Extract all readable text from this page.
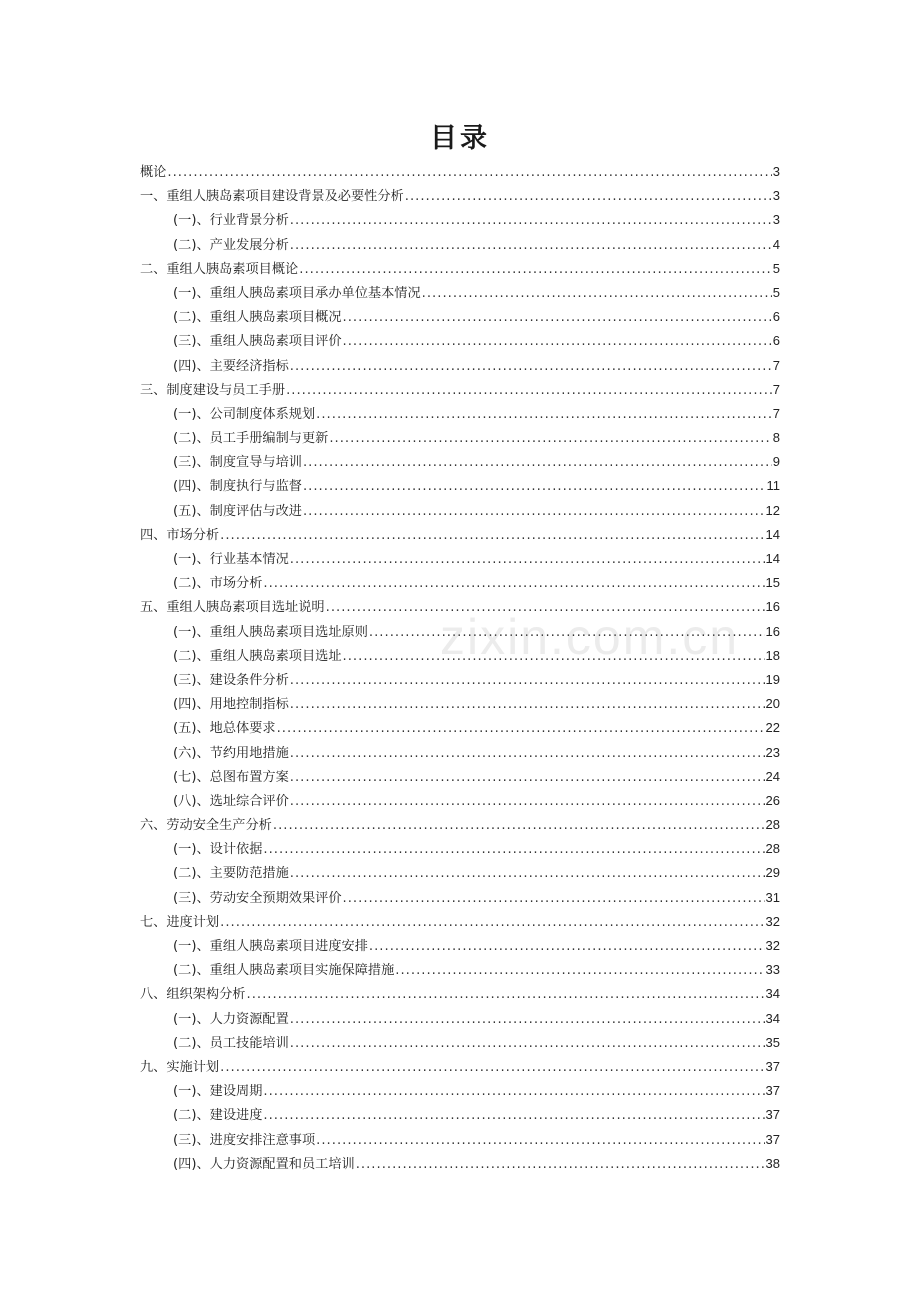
目录
概论 .....	3
一、重组人胰岛素项目建设背景及必要性分析 .....	3
(一)、行业背景分析 .....	3
(二)、产业发展分析 .....	4
二、重组人胰岛素项目概论 .....	5
(一)、重组人胰岛素项目承办单位基本情况 .....	5
(二)、重组人胰岛素项目概况 .....	6
(三)、重组人胰岛素项目评价 .....	6
(四)、主要经济指标 .....	7
三、制度建设与员工手册 .....	7
(一)、公司制度体系规划 .....	7
(二)、员工手册编制与更新 .....	8
(三)、制度宣导与培训 .....	9
(四)、制度执行与监督 .....	11
(五)、制度评估与改进 .....	12
四、市场分析 .....	14
(一)、行业基本情况 .....	14
(二)、市场分析 .....	15
五、重组人胰岛素项目选址说明 .....	16
(一)、重组人胰岛素项目选址原则 .....	16
(二)、重组人胰岛素项目选址 .....	18
(三)、建设条件分析 .....	19
(四)、用地控制指标 .....	20
(五)、地总体要求 .....	22
(六)、节约用地措施 .....	23
(七)、总图布置方案 .....	24
(八)、选址综合评价 .....	26
六、劳动安全生产分析 .....	28
(一)、设计依据 .....	28
(二)、主要防范措施 .....	29
(三)、劳动安全预期效果评价 .....	31
七、进度计划 .....	32
(一)、重组人胰岛素项目进度安排 .....	32
(二)、重组人胰岛素项目实施保障措施 .....	33
八、组织架构分析 .....	34
(一)、人力资源配置 .....	34
(二)、员工技能培训 .....	35
九、实施计划 .....	37
(一)、建设周期 .....	37
(二)、建设进度 .....	37
(三)、进度安排注意事项 .....	37
(四)、人力资源配置和员工培训 .....	38
zixin.com.cn
